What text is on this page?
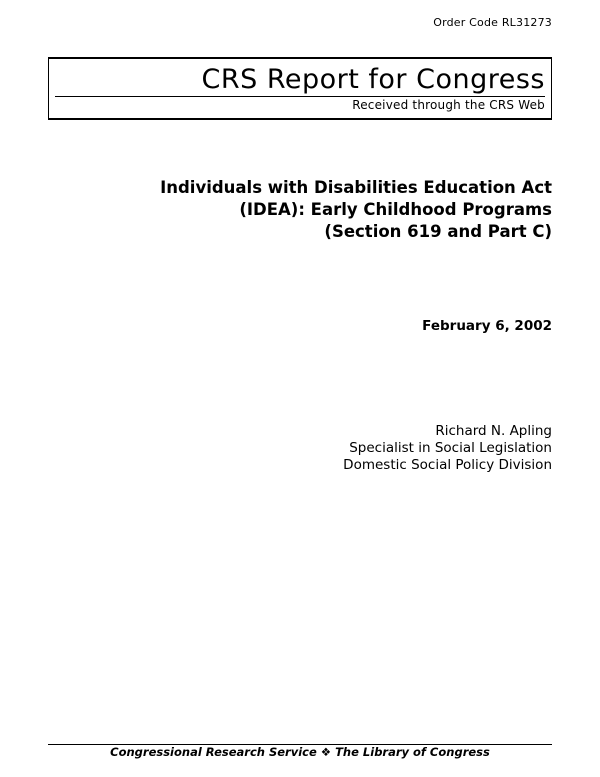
Order Code RL31273
CRS Report for Congress
Received through the CRS Web
Individuals with Disabilities Education Act
(IDEA): Early Childhood Programs
(Section 619 and Part C)
February 6, 2002
Richard N. Apling
Specialist in Social Legislation
Domestic Social Policy Division
Congressional Research Service ❖ The Library of Congress
